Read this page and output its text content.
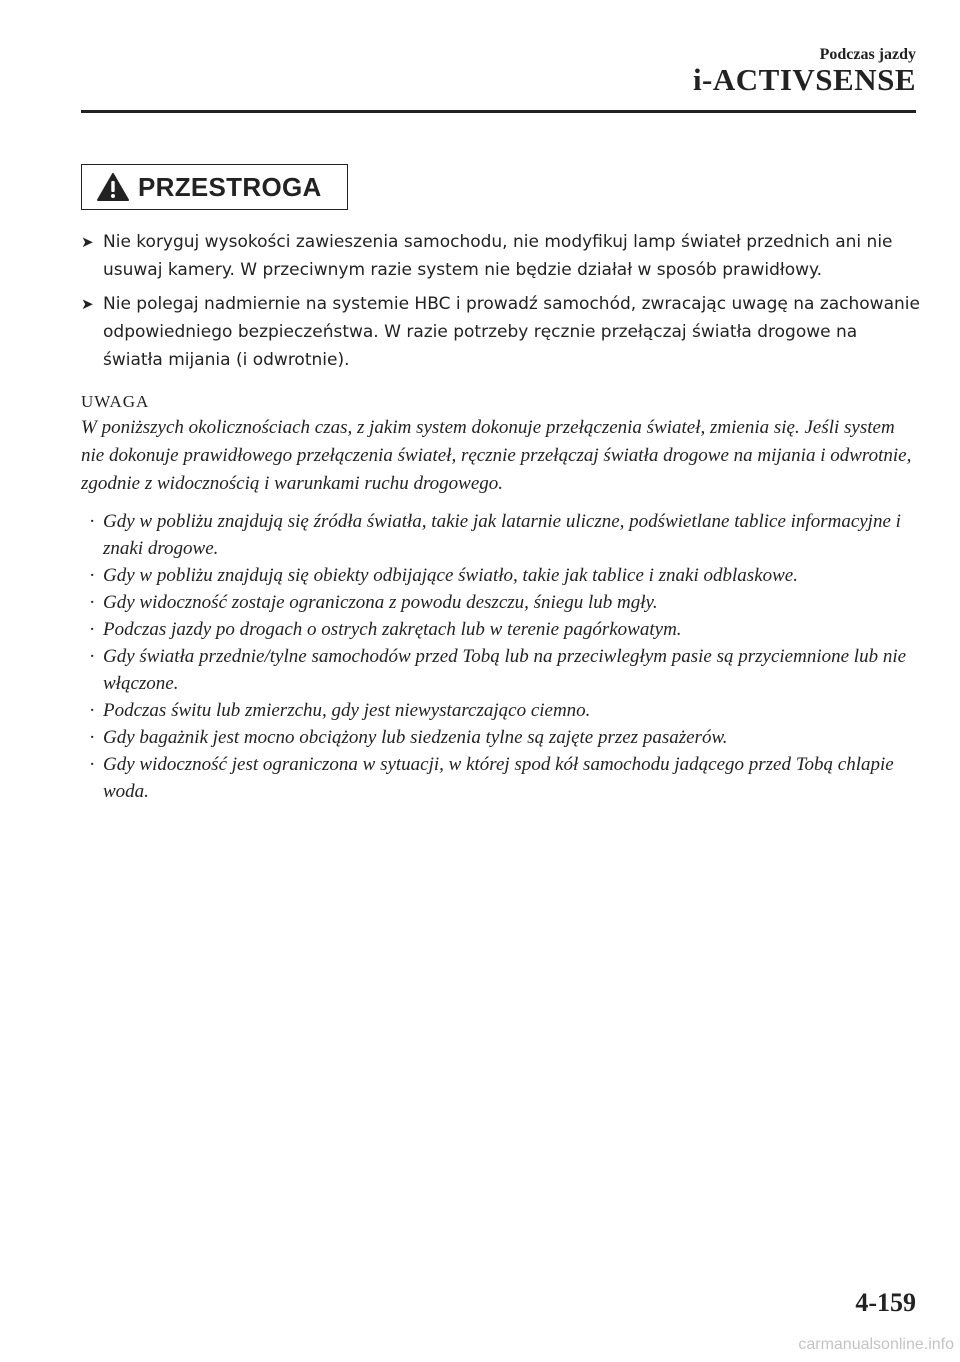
Podczas jazdy
i-ACTIVSENSE
PRZESTROGA
➤ Nie koryguj wysokości zawieszenia samochodu, nie modyfikuj lamp świateł przednich ani nie usuwaj kamery. W przeciwnym razie system nie będzie działał w sposób prawidłowy.
➤ Nie polegaj nadmiernie na systemie HBC i prowadź samochód, zwracając uwagę na zachowanie odpowiedniego bezpieczeństwa. W razie potrzeby ręcznie przełączaj światła drogowe na światła mijania (i odwrotnie).
UWAGA

W poniższych okolicznościach czas, z jakim system dokonuje przełączenia świateł, zmienia się. Jeśli system nie dokonuje prawidłowego przełączenia świateł, ręcznie przełączaj światła drogowe na mijania i odwrotnie, zgodnie z widocznością i warunkami ruchu drogowego.

· Gdy w pobliżu znajdują się źródła światła, takie jak latarnie uliczne, podświetlane tablice informacyjne i znaki drogowe.
· Gdy w pobliżu znajdują się obiekty odbijające światło, takie jak tablice i znaki odblaskowe.
· Gdy widoczność zostaje ograniczona z powodu deszczu, śniegu lub mgły.
· Podczas jazdy po drogach o ostrych zakrętach lub w terenie pagórkowatym.
· Gdy światła przednie/tylne samochodów przed Tobą lub na przeciwległym pasie są przyciemnione lub nie włączone.
· Podczas świtu lub zmierzchu, gdy jest niewystarczająco ciemno.
· Gdy bagażnik jest mocno obciążony lub siedzenia tylne są zajęte przez pasażerów.
· Gdy widoczność jest ograniczona w sytuacji, w której spod kół samochodu jadącego przed Tobą chlapie woda.
4-159
carmanualsonline.info
